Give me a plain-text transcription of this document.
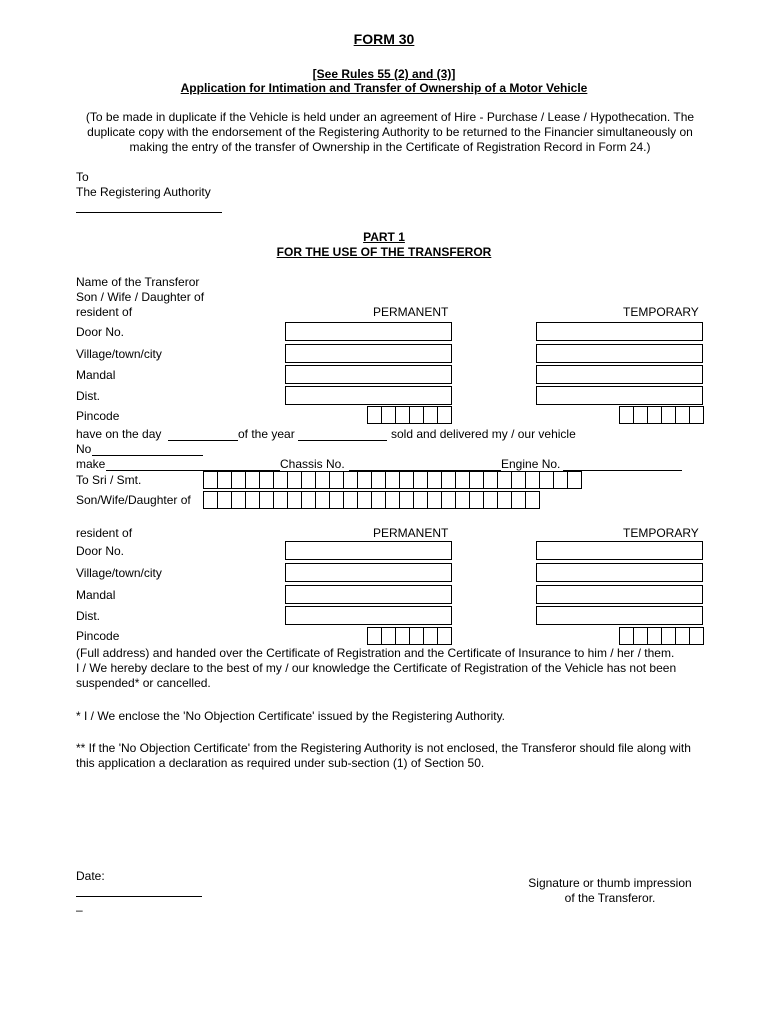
FORM 30
[See Rules 55 (2) and (3)]
Application for Intimation and Transfer of Ownership of a Motor Vehicle
(To be made in duplicate if the Vehicle is held under an agreement of Hire - Purchase / Lease / Hypothecation. The duplicate copy with the endorsement of the Registering Authority to be returned to the Financier simultaneously on making the entry of the transfer of Ownership in the Certificate of Registration Record in Form 24.)
To
The Registering Authority
PART 1
FOR THE USE OF THE TRANSFEROR
Name of the Transferor
Son / Wife / Daughter of
resident of	PERMANENT	TEMPORARY
Door No.
Village/town/city
Mandal
Dist.
Pincode
have on the day	of the year	sold and delivered my / our vehicle
No
make	Chassis No.	Engine No.
To Sri / Smt.
Son/Wife/Daughter of
resident of	PERMANENT	TEMPORARY
Door No.
Village/town/city
Mandal
Dist.
Pincode
(Full address) and handed over the Certificate of Registration and the Certificate of Insurance to him / her / them.
I / We hereby declare to the best of my / our knowledge the Certificate of Registration of the Vehicle has not been suspended* or cancelled.
* I / We enclose the 'No Objection Certificate' issued by the Registering Authority.
** If the 'No Objection Certificate' from the Registering Authority is not enclosed, the Transferor should file along with this application a declaration as required under sub-section (1) of Section 50.
Date:
–
Signature or thumb impression
of the Transferor.
